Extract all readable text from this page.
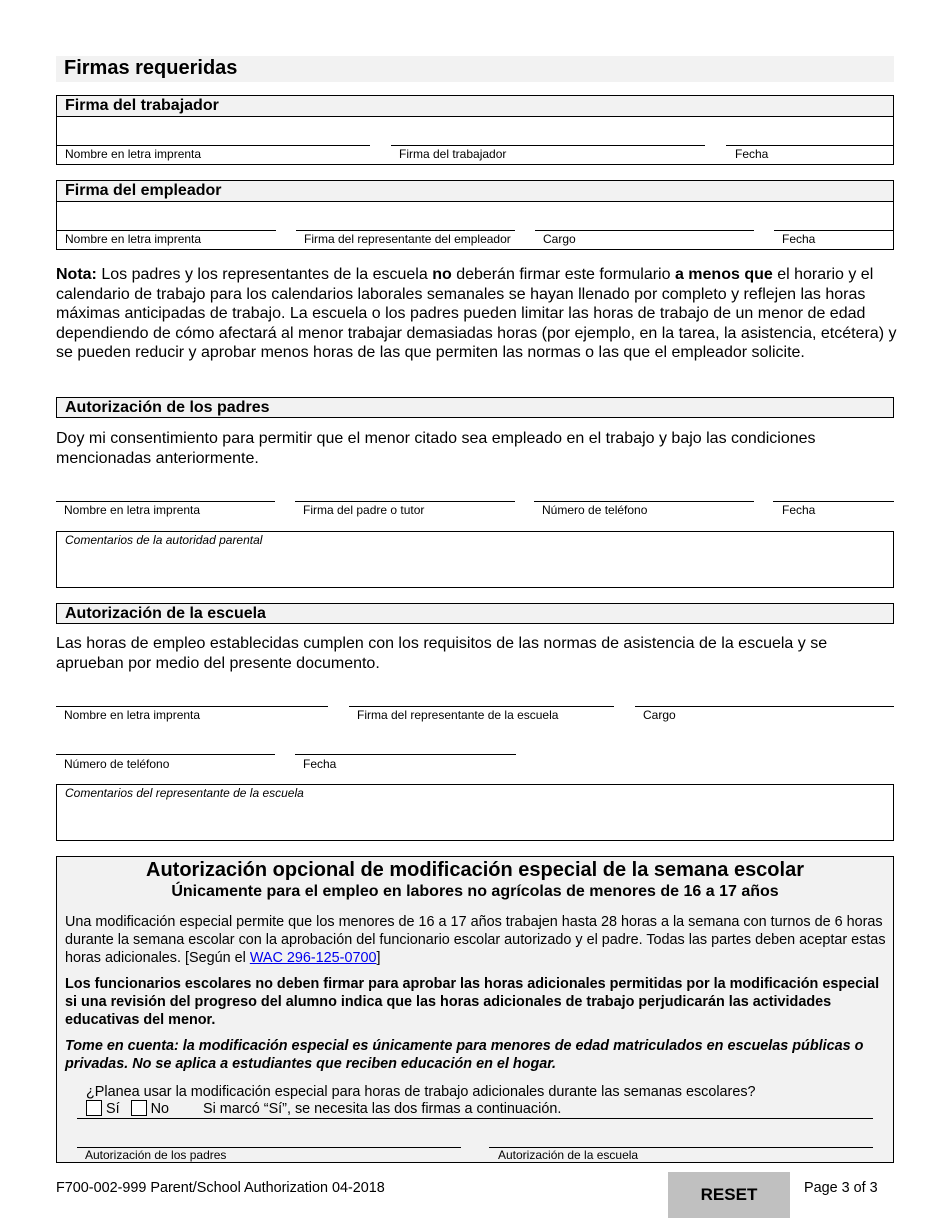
Firmas requeridas
Firma del trabajador
Nombre en letra imprenta	Firma del trabajador	Fecha
Firma del empleador
Nombre en letra imprenta	Firma del representante del empleador	Cargo	Fecha
Nota: Los padres y los representantes de la escuela no deberán firmar este formulario a menos que el horario y el calendario de trabajo para los calendarios laborales semanales se hayan llenado por completo y reflejen las horas máximas anticipadas de trabajo. La escuela o los padres pueden limitar las horas de trabajo de un menor de edad dependiendo de cómo afectará al menor trabajar demasiadas horas (por ejemplo, en la tarea, la asistencia, etcétera) y se pueden reducir y aprobar menos horas de las que permiten las normas o las que el empleador solicite.
Autorización de los padres
Doy mi consentimiento para permitir que el menor citado sea empleado en el trabajo y bajo las condiciones mencionadas anteriormente.
Nombre en letra imprenta	Firma del padre o tutor	Número de teléfono	Fecha
Comentarios de la autoridad parental
Autorización de la escuela
Las horas de empleo establecidas cumplen con los requisitos de las normas de asistencia de la escuela y se aprueban por medio del presente documento.
Nombre en letra imprenta	Firma del representante de la escuela	Cargo
Número de teléfono	Fecha
Comentarios del representante de la escuela
Autorización opcional de modificación especial de la semana escolar
Únicamente para el empleo en labores no agrícolas de menores de 16 a 17 años
Una modificación especial permite que los menores de 16 a 17 años trabajen hasta 28 horas a la semana con turnos de 6 horas durante la semana escolar con la aprobación del funcionario escolar autorizado y el padre. Todas las partes deben aceptar estas horas adicionales. [Según el WAC 296-125-0700]
Los funcionarios escolares no deben firmar para aprobar las horas adicionales permitidas por la modificación especial si una revisión del progreso del alumno indica que las horas adicionales de trabajo perjudicarán las actividades educativas del menor.
Tome en cuenta: la modificación especial es únicamente para menores de edad matriculados en escuelas públicas o privadas. No se aplica a estudiantes que reciben educación en el hogar.
¿Planea usar la modificación especial para horas de trabajo adicionales durante las semanas escolares?
Sí No Si marcó “Sí”, se necesita las dos firmas a continuación.
Autorización de los padres	Autorización de la escuela
F700-002-999 Parent/School Authorization 04-2018	RESET	Page 3 of 3
